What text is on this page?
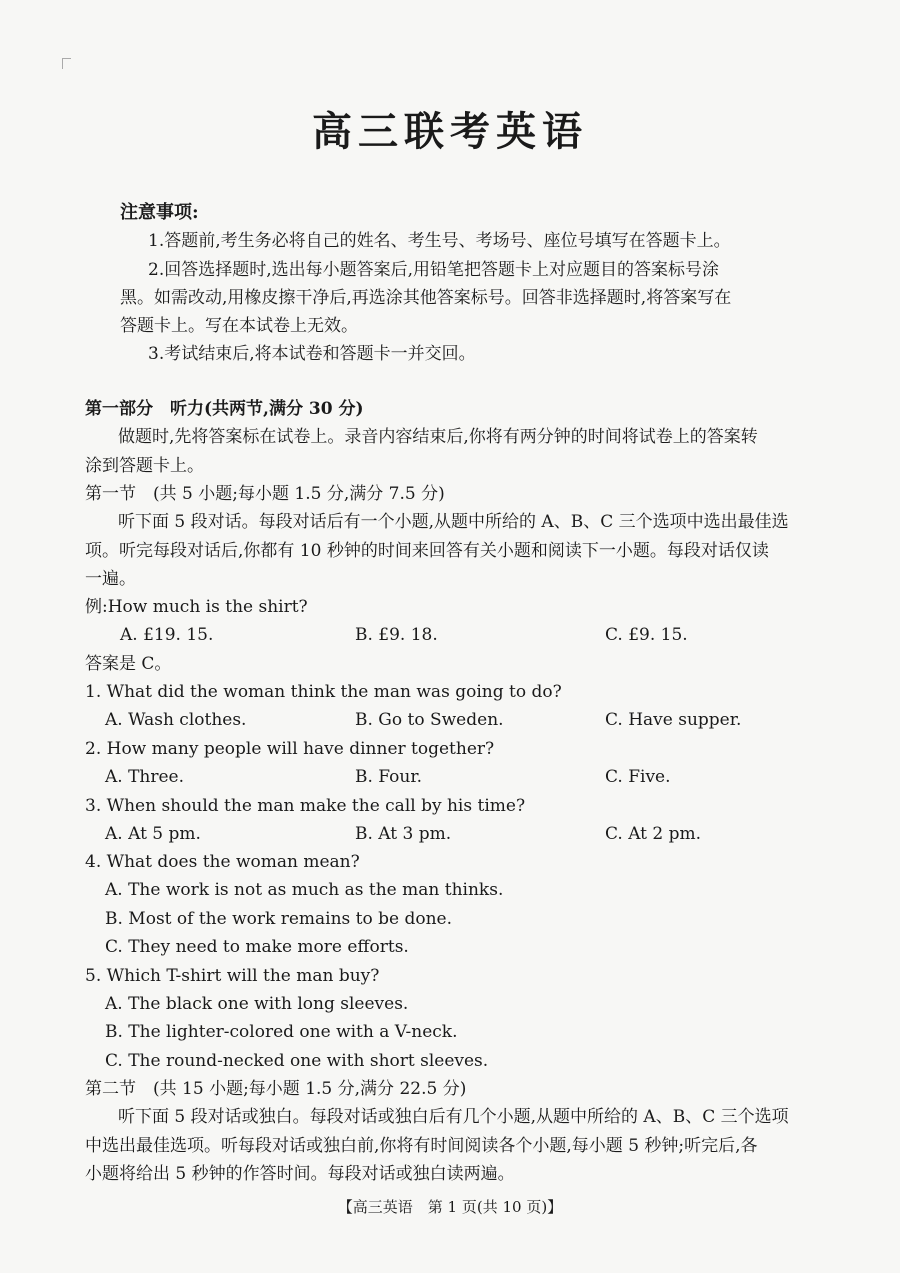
高三联考英语
注意事项:
1.答题前,考生务必将自己的姓名、考生号、考场号、座位号填写在答题卡上。
2.回答选择题时,选出每小题答案后,用铅笔把答题卡上对应题目的答案标号涂
黑。如需改动,用橡皮擦干净后,再选涂其他答案标号。回答非选择题时,将答案写在
答题卡上。写在本试卷上无效。
3.考试结束后,将本试卷和答题卡一并交回。
第一部分　听力(共两节,满分 30 分)
做题时,先将答案标在试卷上。录音内容结束后,你将有两分钟的时间将试卷上的答案转
涂到答题卡上。
第一节　(共 5 小题;每小题 1.5 分,满分 7.5 分)
听下面 5 段对话。每段对话后有一个小题,从题中所给的 A、B、C 三个选项中选出最佳选
项。听完每段对话后,你都有 10 秒钟的时间来回答有关小题和阅读下一小题。每段对话仅读
一遍。
例:How much is the shirt?
A. £19. 15.	B. £9. 18.	C. £9. 15.
答案是 C。
1. What did the woman think the man was going to do?
A. Wash clothes.	B. Go to Sweden.	C. Have supper.
2. How many people will have dinner together?
A. Three.	B. Four.	C. Five.
3. When should the man make the call by his time?
A. At 5 pm.	B. At 3 pm.	C. At 2 pm.
4. What does the woman mean?
A. The work is not as much as the man thinks.
B. Most of the work remains to be done.
C. They need to make more efforts.
5. Which T-shirt will the man buy?
A. The black one with long sleeves.
B. The lighter-colored one with a V-neck.
C. The round-necked one with short sleeves.
第二节　(共 15 小题;每小题 1.5 分,满分 22.5 分)
听下面 5 段对话或独白。每段对话或独白后有几个小题,从题中所给的 A、B、C 三个选项
中选出最佳选项。听每段对话或独白前,你将有时间阅读各个小题,每小题 5 秒钟;听完后,各
小题将给出 5 秒钟的作答时间。每段对话或独白读两遍。
【高三英语　第 1 页(共 10 页)】
